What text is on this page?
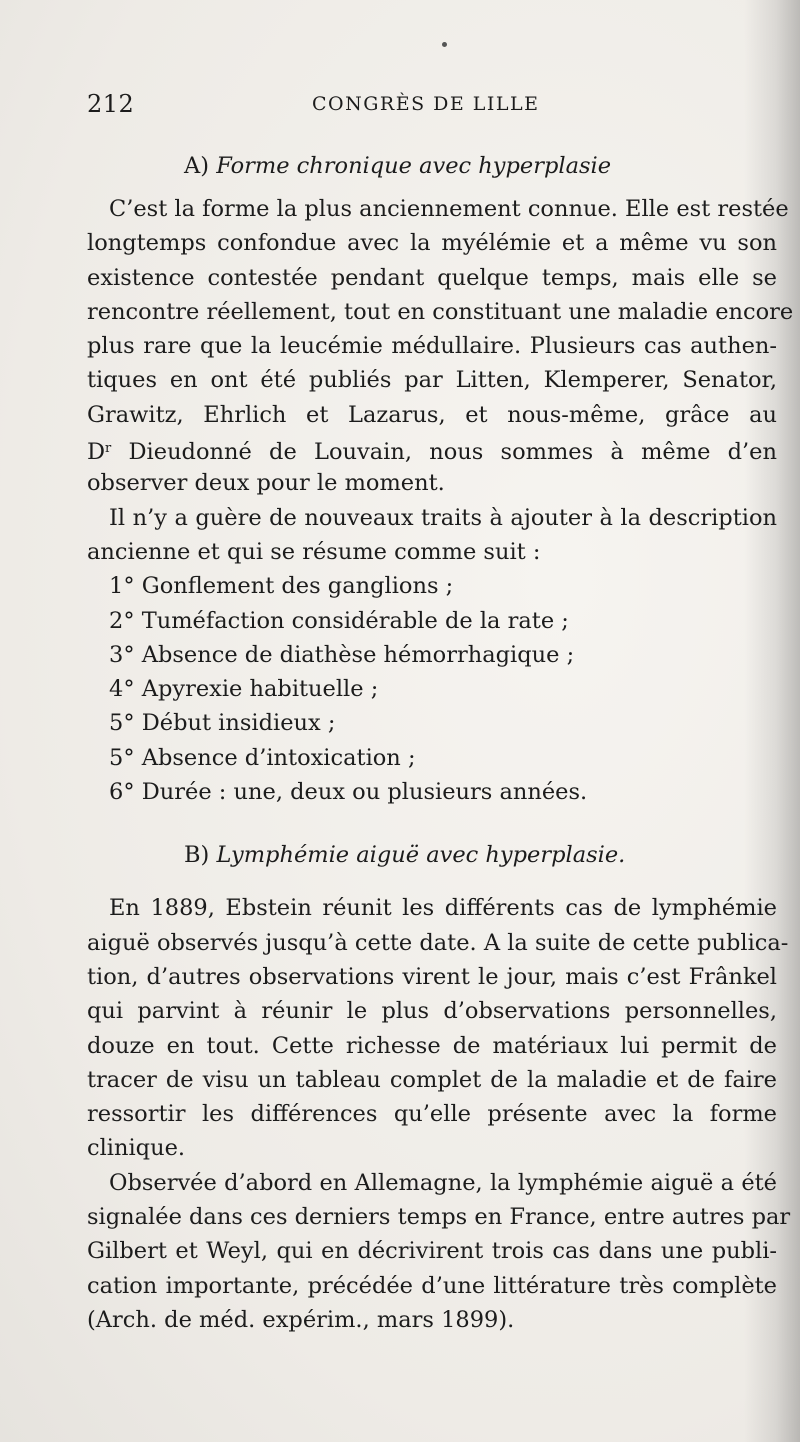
212	CONGRÈS DE LILLE
A) Forme chronique avec hyperplasie
C’est la forme la plus anciennement connue. Elle est restée
longtemps confondue avec la myélémie et a même vu son
existence contestée pendant quelque temps, mais elle se
rencontre réellement, tout en constituant une maladie encore
plus rare que la leucémie médullaire. Plusieurs cas authen-
tiques en ont été publiés par Litten, Klemperer, Senator,
Grawitz, Ehrlich et Lazarus, et nous-même, grâce au
$D^r$ Dieudonné de Louvain, nous sommes à même d’en
observer deux pour le moment.
Il n’y a guère de nouveaux traits à ajouter à la description
ancienne et qui se résume comme suit :
1° Gonflement des ganglions ;
2° Tuméfaction considérable de la rate ;
3° Absence de diathèse hémorrhagique ;
4° Apyrexie habituelle ;
5° Début insidieux ;
5° Absence d’intoxication ;
6° Durée : une, deux ou plusieurs années.
B) Lymphémie aiguë avec hyperplasie.
En 1889, Ebstein réunit les différents cas de lymphémie
aiguë observés jusqu’à cette date. A la suite de cette publica-
tion, d’autres observations virent le jour, mais c’est Frânkel
qui parvint à réunir le plus d’observations personnelles,
douze en tout. Cette richesse de matériaux lui permit de
tracer de visu un tableau complet de la maladie et de faire
ressortir les différences qu’elle présente avec la forme
clinique.
Observée d’abord en Allemagne, la lymphémie aiguë a été
signalée dans ces derniers temps en France, entre autres par
Gilbert et Weyl, qui en décrivirent trois cas dans une publi-
cation importante, précédée d’une littérature très complète
(Arch. de méd. expérim., mars 1899).
